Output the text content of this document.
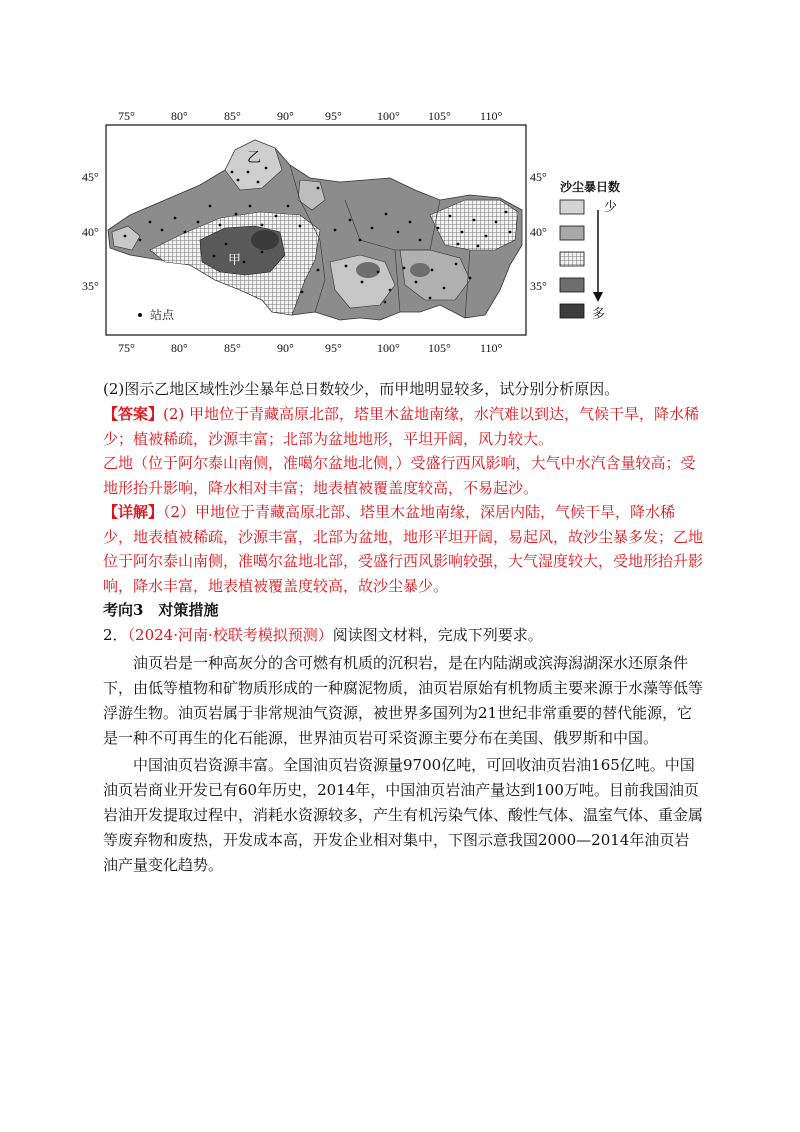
75°	80°	85°	90°	95°	100° 105° 110°
乙
甲
站点
45°
40°
35°
45°
40°
35°
75°	80°	85°	90°	95°	100° 105° 110°
沙尘暴日数
少
多
(2)图示乙地区域性沙尘暴年总日数较少，而甲地明显较多，试分别分析原因。
【答案】(2) 甲地位于青藏高原北部，塔里木盆地南缘，水汽难以到达，气候干旱，降水稀少；植被稀疏，沙源丰富；北部为盆地地形，平坦开阔，风力较大。
乙地（位于阿尔泰山南侧，准噶尔盆地北侧，）受盛行西风影响，大气中水汽含量较高；受地形抬升影响，降水相对丰富；地表植被覆盖度较高，不易起沙。
【详解】（2）甲地位于青藏高原北部、塔里木盆地南缘，深居内陆，气候干旱，降水稀少，地表植被稀疏，沙源丰富，北部为盆地，地形平坦开阔，易起风，故沙尘暴多发；乙地位于阿尔泰山南侧，准噶尔盆地北部，受盛行西风影响较强，大气湿度较大，受地形抬升影响，降水丰富，地表植被覆盖度较高，故沙尘暴少。
考向3　对策措施
2．（2024·河南·校联考模拟预测）阅读图文材料，完成下列要求。
油页岩是一种高灰分的含可燃有机质的沉积岩，是在内陆湖或滨海潟湖深水还原条件下，由低等植物和矿物质形成的一种腐泥物质，油页岩原始有机物质主要来源于水藻等低等浮游生物。油页岩属于非常规油气资源，被世界多国列为21世纪非常重要的替代能源，它是一种不可再生的化石能源，世界油页岩可采资源主要分布在美国、俄罗斯和中国。
中国油页岩资源丰富。全国油页岩资源量9700亿吨，可回收油页岩油165亿吨。中国油页岩商业开发已有60年历史，2014年，中国油页岩油产量达到100万吨。目前我国油页岩油开发提取过程中，消耗水资源较多，产生有机污染气体、酸性气体、温室气体、重金属等废弃物和废热，开发成本高，开发企业相对集中，下图示意我国2000—2014年油页岩油产量变化趋势。
